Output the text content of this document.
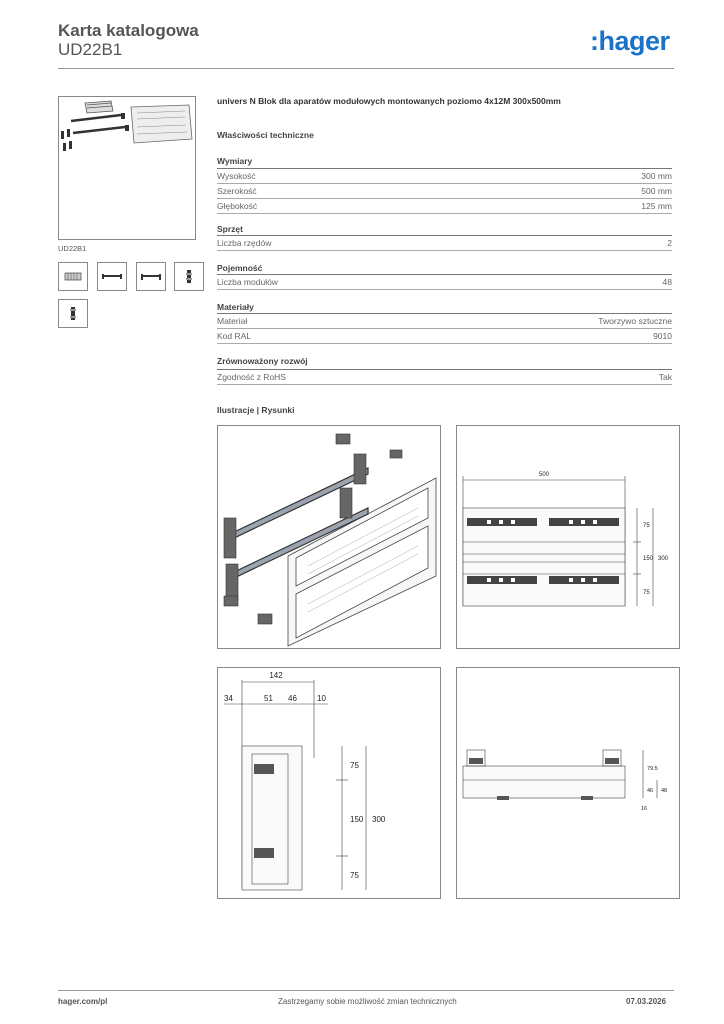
Karta katalogowa
UD22B1	:hager
UD22B1
univers N Blok dla aparatów modułowych montowanych poziomo 4x12M 300x500mm
Właściwości techniczne
Wymiary
Wysokość	300 mm
Szerokość	500 mm
Głębokość	125 mm
Sprzęt
Liczba rzędów	2
Pojemność
Liczba modułów	48
Materiały
Materiał	Tworzywo sztuczne
Kod RAL	9010
Zrównoważony rozwój
Zgodność z RoHS	Tak
Ilustracje | Rysunki
500
75
150
75
300
142
34	51 46	10
75
150
75
300
79.5
46 48
16
hager.com/pl	Zastrzegamy sobie możliwość zmian technicznych	07.03.2026
